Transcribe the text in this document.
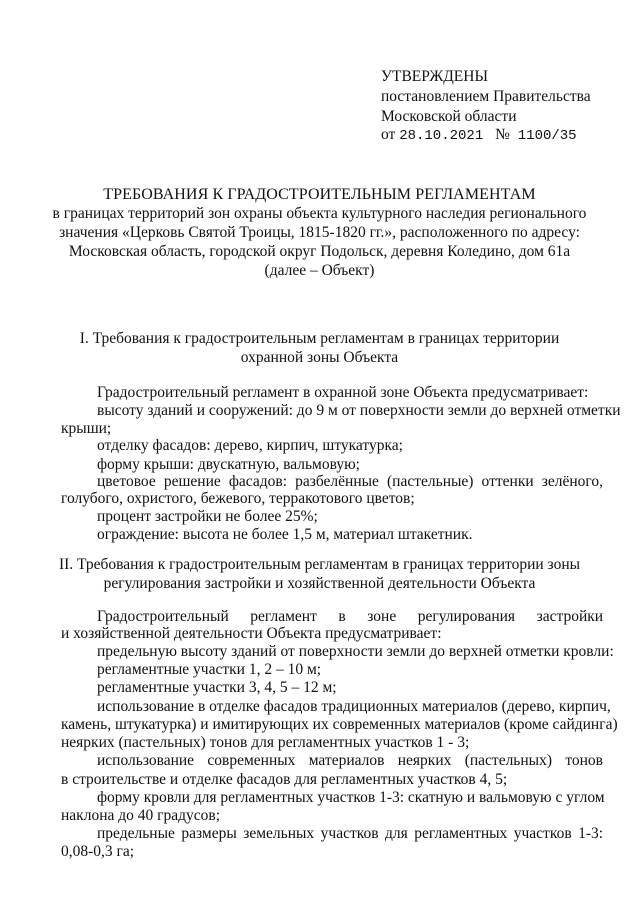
УТВЕРЖДЕНЫ
постановлением Правительства
Московской области
от 28.10.2021 № 1100/35
ТРЕБОВАНИЯ К ГРАДОСТРОИТЕЛЬНЫМ РЕГЛАМЕНТАМ
в границах территорий зон охраны объекта культурного наследия регионального
значения «Церковь Святой Троицы, 1815-1820 гг.», расположенного по адресу:
Московская область, городской округ Подольск, деревня Коледино, дом 61а
(далее – Объект)
I. Требования к градостроительным регламентам в границах территории
охранной зоны Объекта
Градостроительный регламент в охранной зоне Объекта предусматривает:
высоту зданий и сооружений: до 9 м от поверхности земли до верхней отметки
крыши;
отделку фасадов: дерево, кирпич, штукатурка;
форму крыши: двускатную, вальмовую;
цветовое решение фасадов: разбелённые (пастельные) оттенки зелёного,
голубого, охристого, бежевого, терракотового цветов;
процент застройки не более 25%;
ограждение: высота не более 1,5 м, материал штакетник.
II. Требования к градостроительным регламентам в границах территории зоны
регулирования застройки и хозяйственной деятельности Объекта
Градостроительный регламент в зоне регулирования застройки
и хозяйственной деятельности Объекта предусматривает:
предельную высоту зданий от поверхности земли до верхней отметки кровли:
регламентные участки 1, 2 – 10 м;
регламентные участки 3, 4, 5 – 12 м;
использование в отделке фасадов традиционных материалов (дерево, кирпич,
камень, штукатурка) и имитирующих их современных материалов (кроме сайдинга)
неярких (пастельных) тонов для регламентных участков 1 - 3;
использование современных материалов неярких (пастельных) тонов
в строительстве и отделке фасадов для регламентных участков 4, 5;
форму кровли для регламентных участков 1-3: скатную и вальмовую с углом
наклона до 40 градусов;
предельные размеры земельных участков для регламентных участков 1-3:
0,08-0,3 га;
